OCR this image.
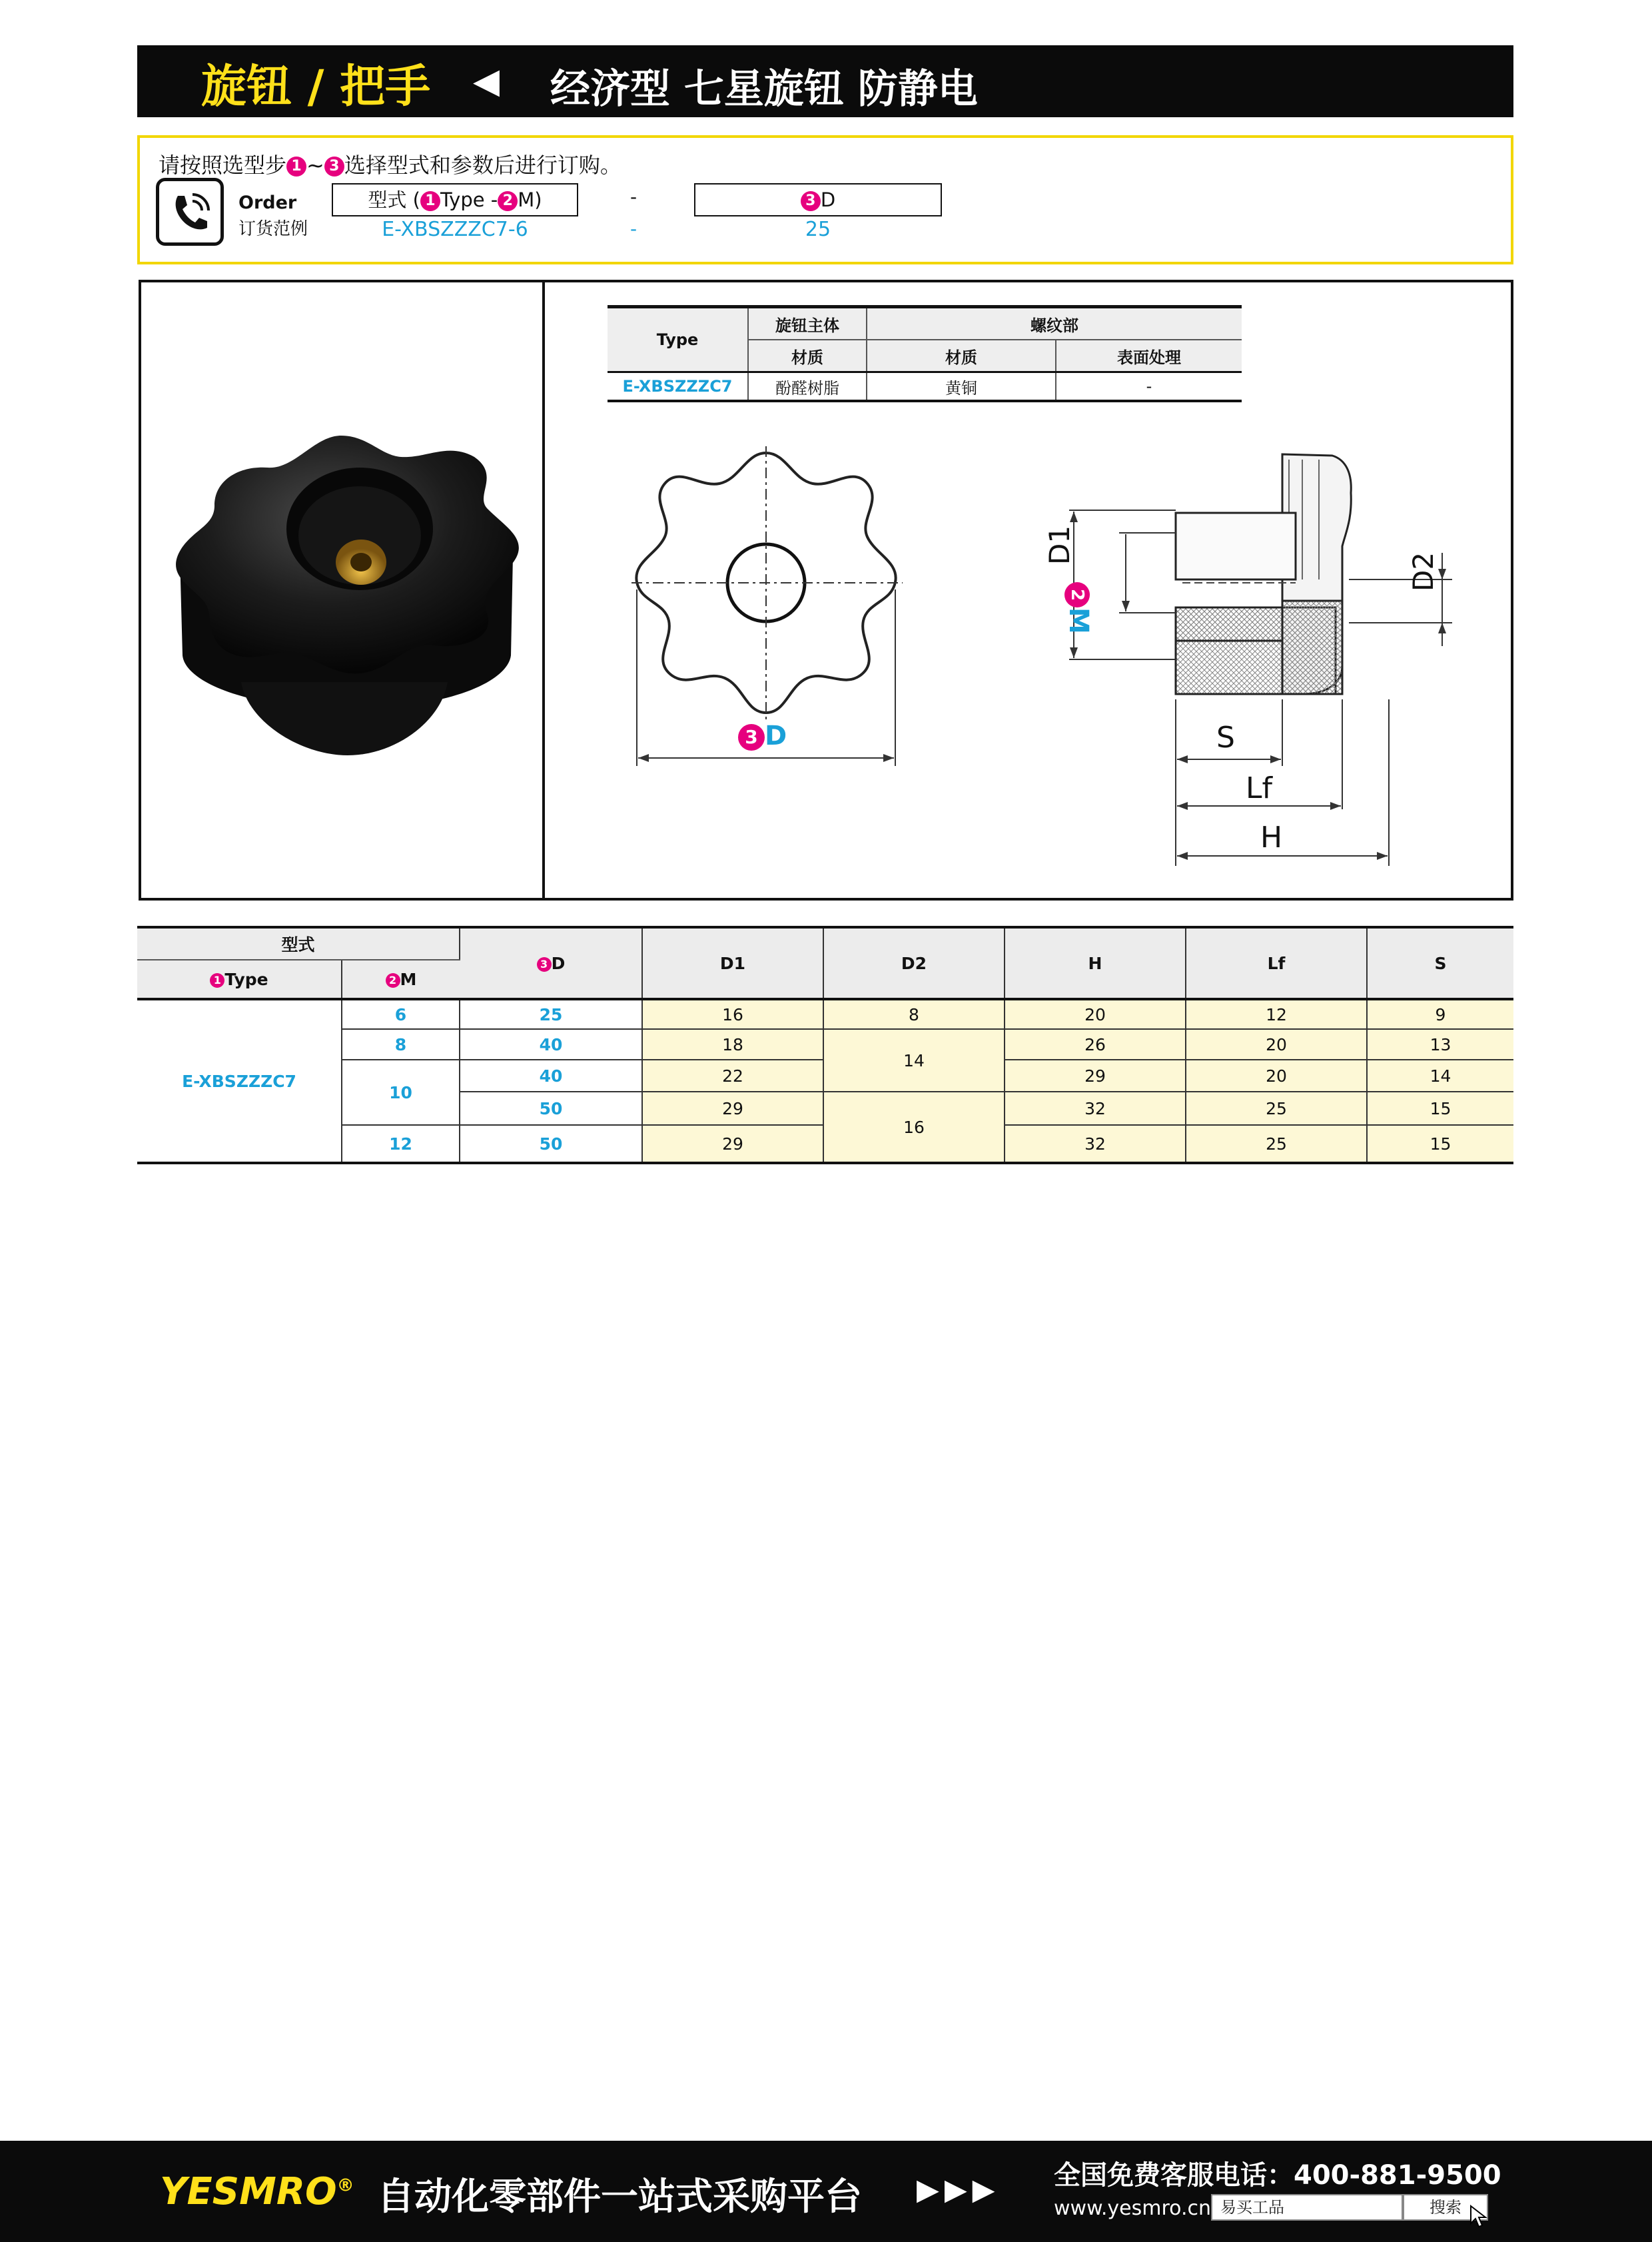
旋钮 / 把手 ◀ 经济型 七星旋钮 防静电
请按照选型步 1 ~ 3 选择型式和参数后进行订购。
Order
订货范例
型式 ( 1 Type - 2 M)	-	3 D
E-XBSZZZC7-6	-	25
Type	旋钮主体	螺纹部	
	材质	材质	表面处理
E-XBSZZZC7	酚醛树脂	黄铜	-
3 D
D1
2M
D2
S
Lf
H
型式		3 D	D1	D2	H	Lf	S
1 Type	2 M						
E-XBSZZZC7	6	25	16	8	20	12	9
	8	40	18	14	26	20	13
	10	40	22		29	20	14
		50	29	16	32	25	15
	12	50	29		32	25	15
YESMRO® 自动化零部件一站式采购平台 ▶▶▶ 全国免费客服电话：400-881-9500
www.yesmro.cn 易买工品	搜索
